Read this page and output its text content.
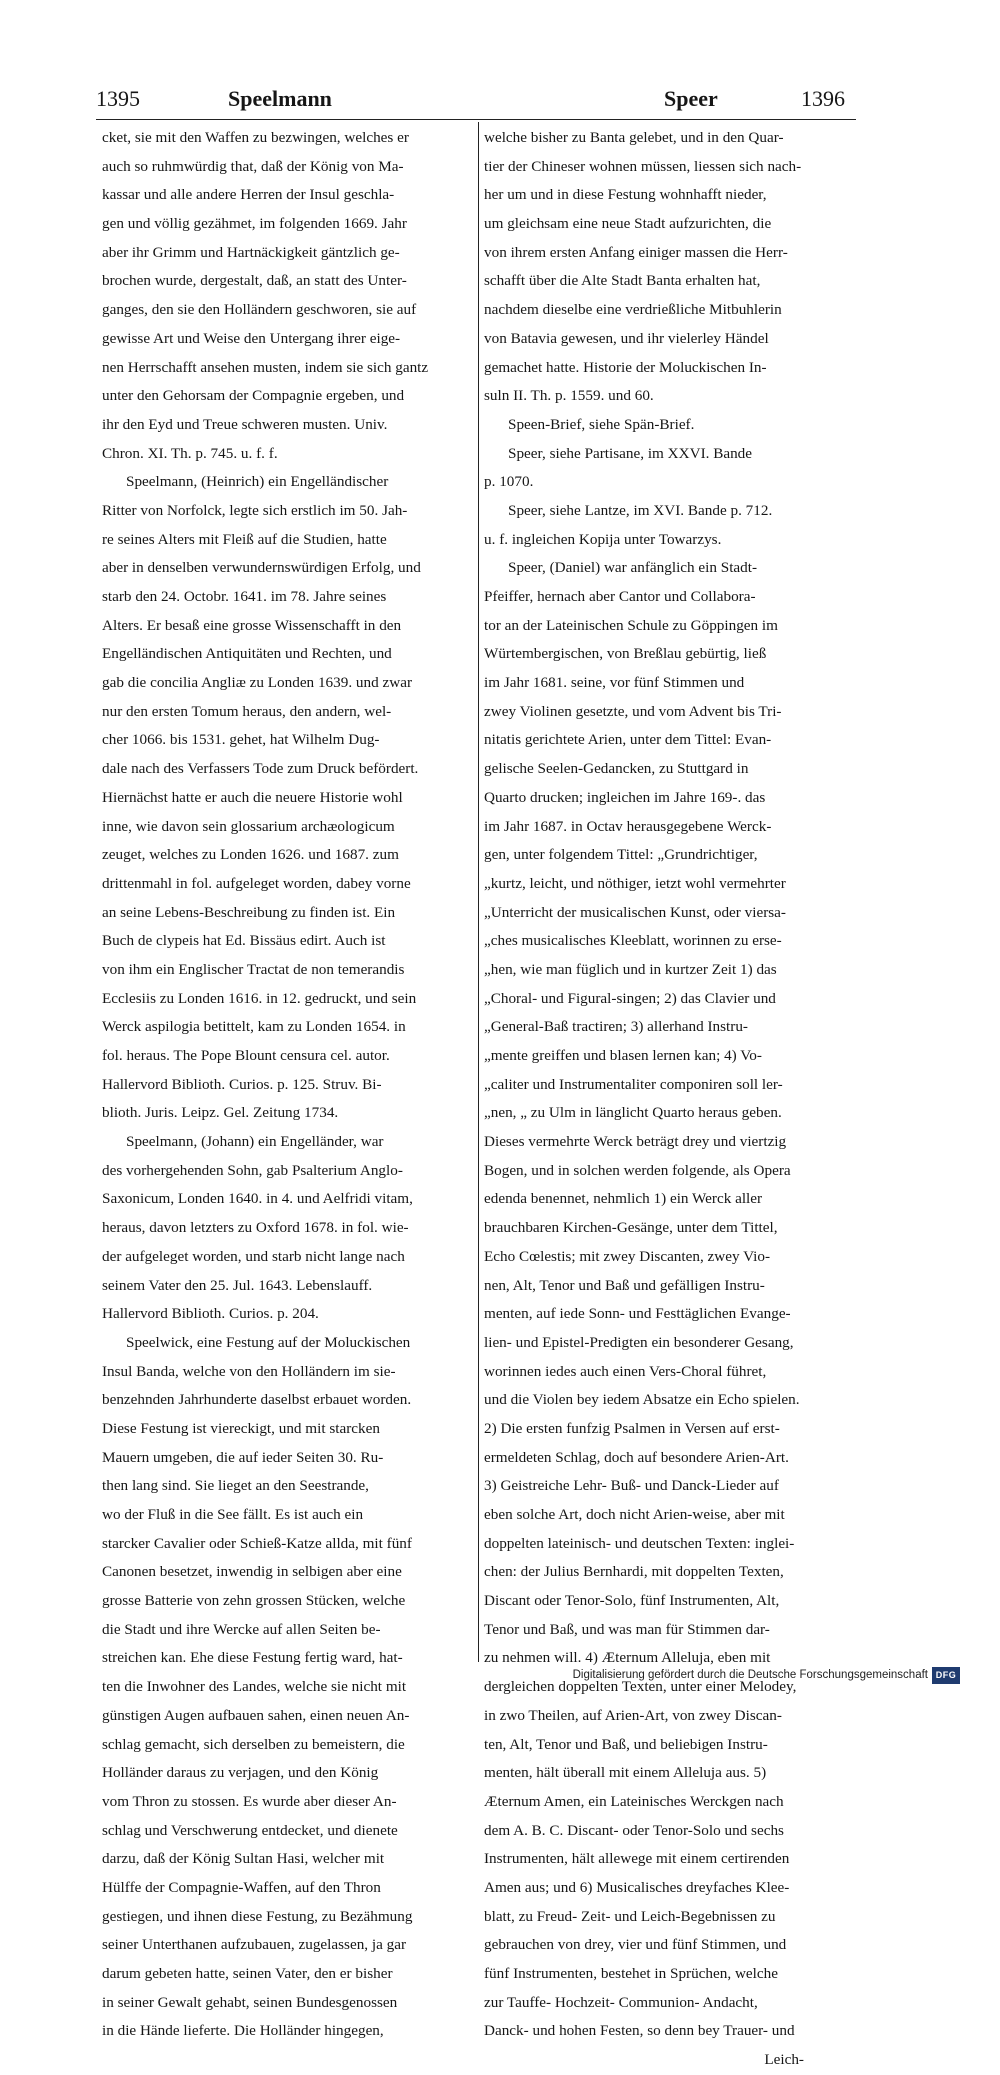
1395	Speelmann	Speer	1396
cket, sie mit den Waffen zu bezwingen, welches er
auch so ruhmwürdig that, daß der König von Ma-
kassar und alle andere Herren der Insul geschla-
gen und völlig gezähmet, im folgenden 1669. Jahr
aber ihr Grimm und Hartnäckigkeit gäntzlich ge-
brochen wurde, dergestalt, daß, an statt des Unter-
ganges, den sie den Holländern geschworen, sie auf
gewisse Art und Weise den Untergang ihrer eige-
nen Herrschafft ansehen musten, indem sie sich gantz
unter den Gehorsam der Compagnie ergeben, und
ihr den Eyd und Treue schweren musten. Univ.
Chron. XI. Th. p. 745. u. f. f.
Speelmann, (Heinrich) ein Engelländischer
Ritter von Norfolck, legte sich erstlich im 50. Jah-
re seines Alters mit Fleiß auf die Studien, hatte
aber in denselben verwundernswürdigen Erfolg, und
starb den 24. Octobr. 1641. im 78. Jahre seines
Alters. Er besaß eine grosse Wissenschafft in den
Engelländischen Antiquitäten und Rechten, und
gab die concilia Angliæ zu Londen 1639. und zwar
nur den ersten Tomum heraus, den andern, wel-
cher 1066. bis 1531. gehet, hat Wilhelm Dug-
dale nach des Verfassers Tode zum Druck befördert.
Hiernächst hatte er auch die neuere Historie wohl
inne, wie davon sein glossarium archæologicum
zeuget, welches zu Londen 1626. und 1687. zum
drittenmahl in fol. aufgeleget worden, dabey vorne
an seine Lebens-Beschreibung zu finden ist. Ein
Buch de clypeis hat Ed. Bissäus edirt. Auch ist
von ihm ein Englischer Tractat de non temerandis
Ecclesiis zu Londen 1616. in 12. gedruckt, und sein
Werck aspilogia betittelt, kam zu Londen 1654. in
fol. heraus. The Pope Blount censura cel. autor.
Hallervord Biblioth. Curios. p. 125. Struv. Bi-
blioth. Juris. Leipz. Gel. Zeitung 1734.
Speelmann, (Johann) ein Engelländer, war
des vorhergehenden Sohn, gab Psalterium Anglo-
Saxonicum, Londen 1640. in 4. und Aelfridi vitam,
heraus, davon letzters zu Oxford 1678. in fol. wie-
der aufgeleget worden, und starb nicht lange nach
seinem Vater den 25. Jul. 1643. Lebenslauff.
Hallervord Biblioth. Curios. p. 204.
Speelwick, eine Festung auf der Moluckischen
Insul Banda, welche von den Holländern im sie-
benzehnden Jahrhunderte daselbst erbauet worden.
Diese Festung ist viereckigt, und mit starcken
Mauern umgeben, die auf ieder Seiten 30. Ru-
then lang sind. Sie lieget an den Seestrande,
wo der Fluß in die See fällt. Es ist auch ein
starcker Cavalier oder Schieß-Katze allda, mit fünf
Canonen besetzet, inwendig in selbigen aber eine
grosse Batterie von zehn grossen Stücken, welche
die Stadt und ihre Wercke auf allen Seiten be-
streichen kan. Ehe diese Festung fertig ward, hat-
ten die Inwohner des Landes, welche sie nicht mit
günstigen Augen aufbauen sahen, einen neuen An-
schlag gemacht, sich derselben zu bemeistern, die
Holländer daraus zu verjagen, und den König
vom Thron zu stossen. Es wurde aber dieser An-
schlag und Verschwerung entdecket, und dienete
darzu, daß der König Sultan Hasi, welcher mit
Hülffe der Compagnie-Waffen, auf den Thron
gestiegen, und ihnen diese Festung, zu Bezähmung
seiner Unterthanen aufzubauen, zugelassen, ja gar
darum gebeten hatte, seinen Vater, den er bisher
in seiner Gewalt gehabt, seinen Bundesgenossen
in die Hände lieferte. Die Holländer hingegen,
welche bisher zu Banta gelebet, und in den Quar-
tier der Chineser wohnen müssen, liessen sich nach-
her um und in diese Festung wohnhafft nieder,
um gleichsam eine neue Stadt aufzurichten, die
von ihrem ersten Anfang einiger massen die Herr-
schafft über die Alte Stadt Banta erhalten hat,
nachdem dieselbe eine verdrießliche Mitbuhlerin
von Batavia gewesen, und ihr vielerley Händel
gemachet hatte. Historie der Moluckischen In-
suln II. Th. p. 1559. und 60.
Speen-Brief, siehe Spän-Brief.
Speer, siehe Partisane, im XXVI. Bande
p. 1070.
Speer, siehe Lantze, im XVI. Bande p. 712.
u. f. ingleichen Kopija unter Towarzys.
Speer, (Daniel) war anfänglich ein Stadt-
Pfeiffer, hernach aber Cantor und Collabora-
tor an der Lateinischen Schule zu Göppingen im
Würtembergischen, von Breßlau gebürtig, ließ
im Jahr 1681. seine, vor fünf Stimmen und
zwey Violinen gesetzte, und vom Advent bis Tri-
nitatis gerichtete Arien, unter dem Tittel: Evan-
gelische Seelen-Gedancken, zu Stuttgard in
Quarto drucken; ingleichen im Jahre 169-. das
im Jahr 1687. in Octav herausgegebene Werck-
gen, unter folgendem Tittel: „Grundrichtiger,
„kurtz, leicht, und nöthiger, ietzt wohl vermehrter
„Unterricht der musicalischen Kunst, oder viersa-
„ches musicalisches Kleeblatt, worinnen zu erse-
„hen, wie man füglich und in kurtzer Zeit 1) das
„Choral- und Figural-singen; 2) das Clavier und
„General-Baß tractiren; 3) allerhand Instru-
„mente greiffen und blasen lernen kan; 4) Vo-
„caliter und Instrumentaliter componiren soll ler-
„nen, „ zu Ulm in länglicht Quarto heraus geben.
Dieses vermehrte Werck beträgt drey und viertzig
Bogen, und in solchen werden folgende, als Opera
edenda benennet, nehmlich 1) ein Werck aller
brauchbaren Kirchen-Gesänge, unter dem Tittel,
Echo Cœlestis; mit zwey Discanten, zwey Vio-
nen, Alt, Tenor und Baß und gefälligen Instru-
menten, auf iede Sonn- und Festtäglichen Evange-
lien- und Epistel-Predigten ein besonderer Gesang,
worinnen iedes auch einen Vers-Choral führet,
und die Violen bey iedem Absatze ein Echo spielen.
2) Die ersten funfzig Psalmen in Versen auf erst-
ermeldeten Schlag, doch auf besondere Arien-Art.
3) Geistreiche Lehr- Buß- und Danck-Lieder auf
eben solche Art, doch nicht Arien-weise, aber mit
doppelten lateinisch- und deutschen Texten: inglei-
chen: der Julius Bernhardi, mit doppelten Texten,
Discant oder Tenor-Solo, fünf Instrumenten, Alt,
Tenor und Baß, und was man für Stimmen dar-
zu nehmen will. 4) Æternum Alleluja, eben mit
dergleichen doppelten Texten, unter einer Melodey,
in zwo Theilen, auf Arien-Art, von zwey Discan-
ten, Alt, Tenor und Baß, und beliebigen Instru-
menten, hält überall mit einem Alleluja aus. 5)
Æternum Amen, ein Lateinisches Werckgen nach
dem A. B. C. Discant- oder Tenor-Solo und sechs
Instrumenten, hält allewege mit einem certirenden
Amen aus; und 6) Musicalisches dreyfaches Klee-
blatt, zu Freud- Zeit- und Leich-Begebnissen zu
gebrauchen von drey, vier und fünf Stimmen, und
fünf Instrumenten, bestehet in Sprüchen, welche
zur Tauffe- Hochzeit- Communion- Andacht,
Danck- und hohen Festen, so denn bey Trauer- und
Leich-
Digitalisierung gefördert durch die Deutsche Forschungsgemeinschaft DFG
